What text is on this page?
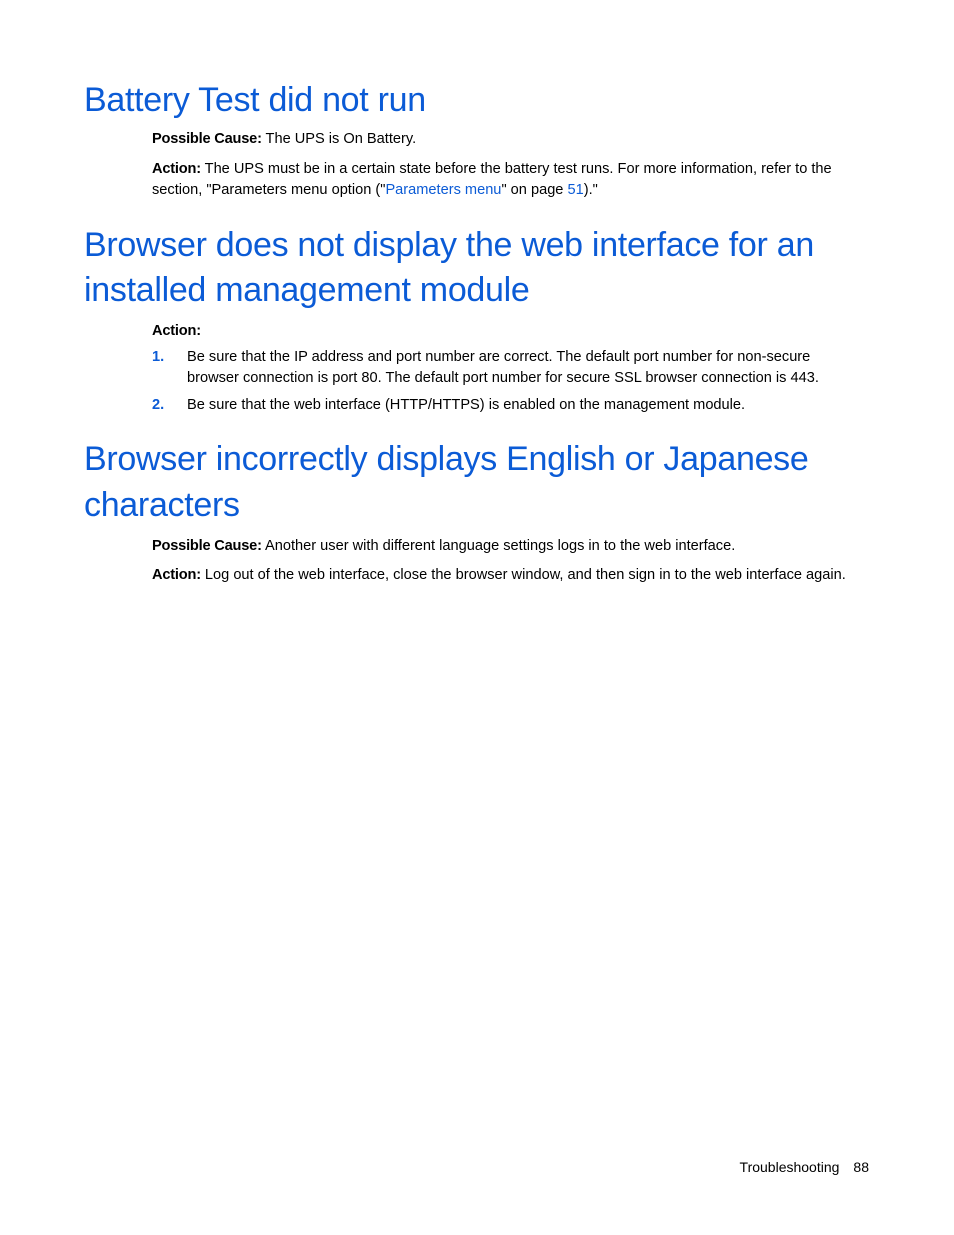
Battery Test did not run

Possible Cause: The UPS is On Battery.

Action: The UPS must be in a certain state before the battery test runs. For more information, refer to the section, "Parameters menu option ("Parameters menu" on page 51)."

Browser does not display the web interface for an
installed management module

Action:

1. Be sure that the IP address and port number are correct. The default port number for non-secure browser connection is port 80. The default port number for secure SSL browser connection is 443.
2. Be sure that the web interface (HTTP/HTTPS) is enabled on the management module.
Browser incorrectly displays English or Japanese
characters

Possible Cause: Another user with different language settings logs in to the web interface.

Action: Log out of the web interface, close the browser window, and then sign in to the web interface again.

Troubleshooting 88
